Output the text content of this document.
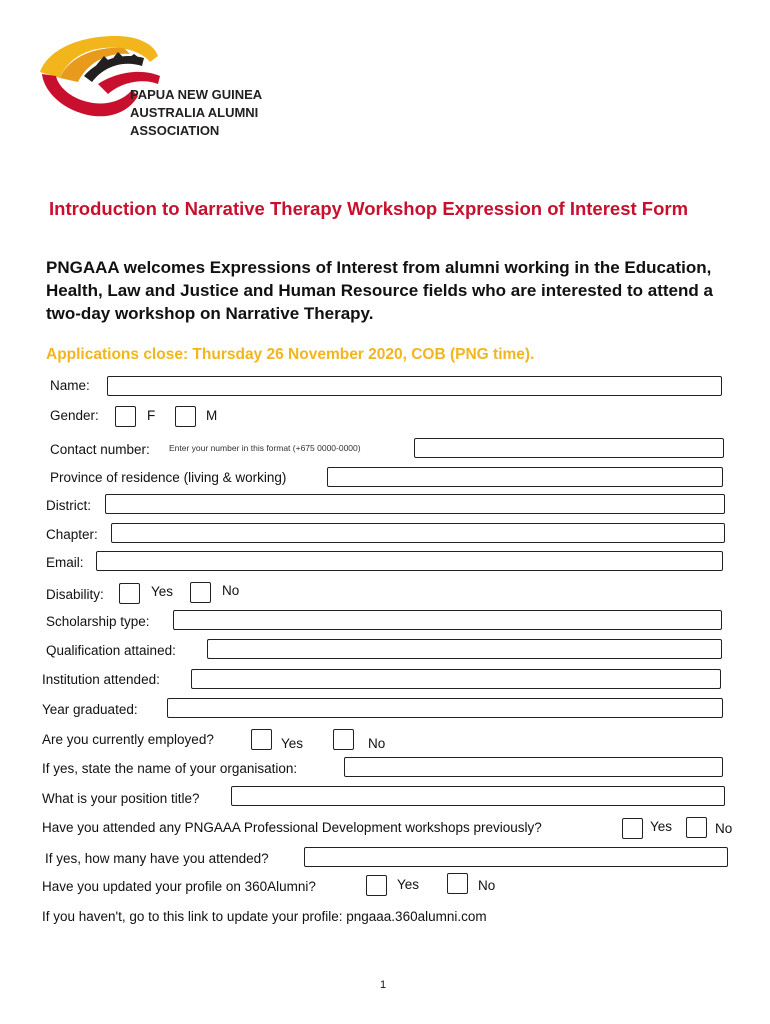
PAPUA NEW GUINEA
AUSTRALIA ALUMNI
ASSOCIATION
Introduction to Narrative Therapy Workshop Expression of Interest Form
PNGAAA welcomes Expressions of Interest from alumni working in the Education, Health, Law and Justice and Human Resource fields who are interested to attend a two-day workshop on Narrative Therapy.
Applications close: Thursday 26 November 2020, COB (PNG time).
Name:
Gender:	F	M
Contact number: Enter your number in this format (+675 0000-0000)
Province of residence (living & working)
District:
Chapter:
Email:
Disability:	Yes	No
Scholarship type:
Qualification attained:
Institution attended:
Year graduated:
Are you currently employed?	Yes	No
If yes, state the name of your organisation:
What is your position title?
Have you attended any PNGAAA Professional Development workshops previously?	Yes	No
If yes, how many have you attended?
Have you updated your profile on 360Alumni?	Yes	No
If you haven't, go to this link to update your profile: pngaaa.360alumni.com
1
